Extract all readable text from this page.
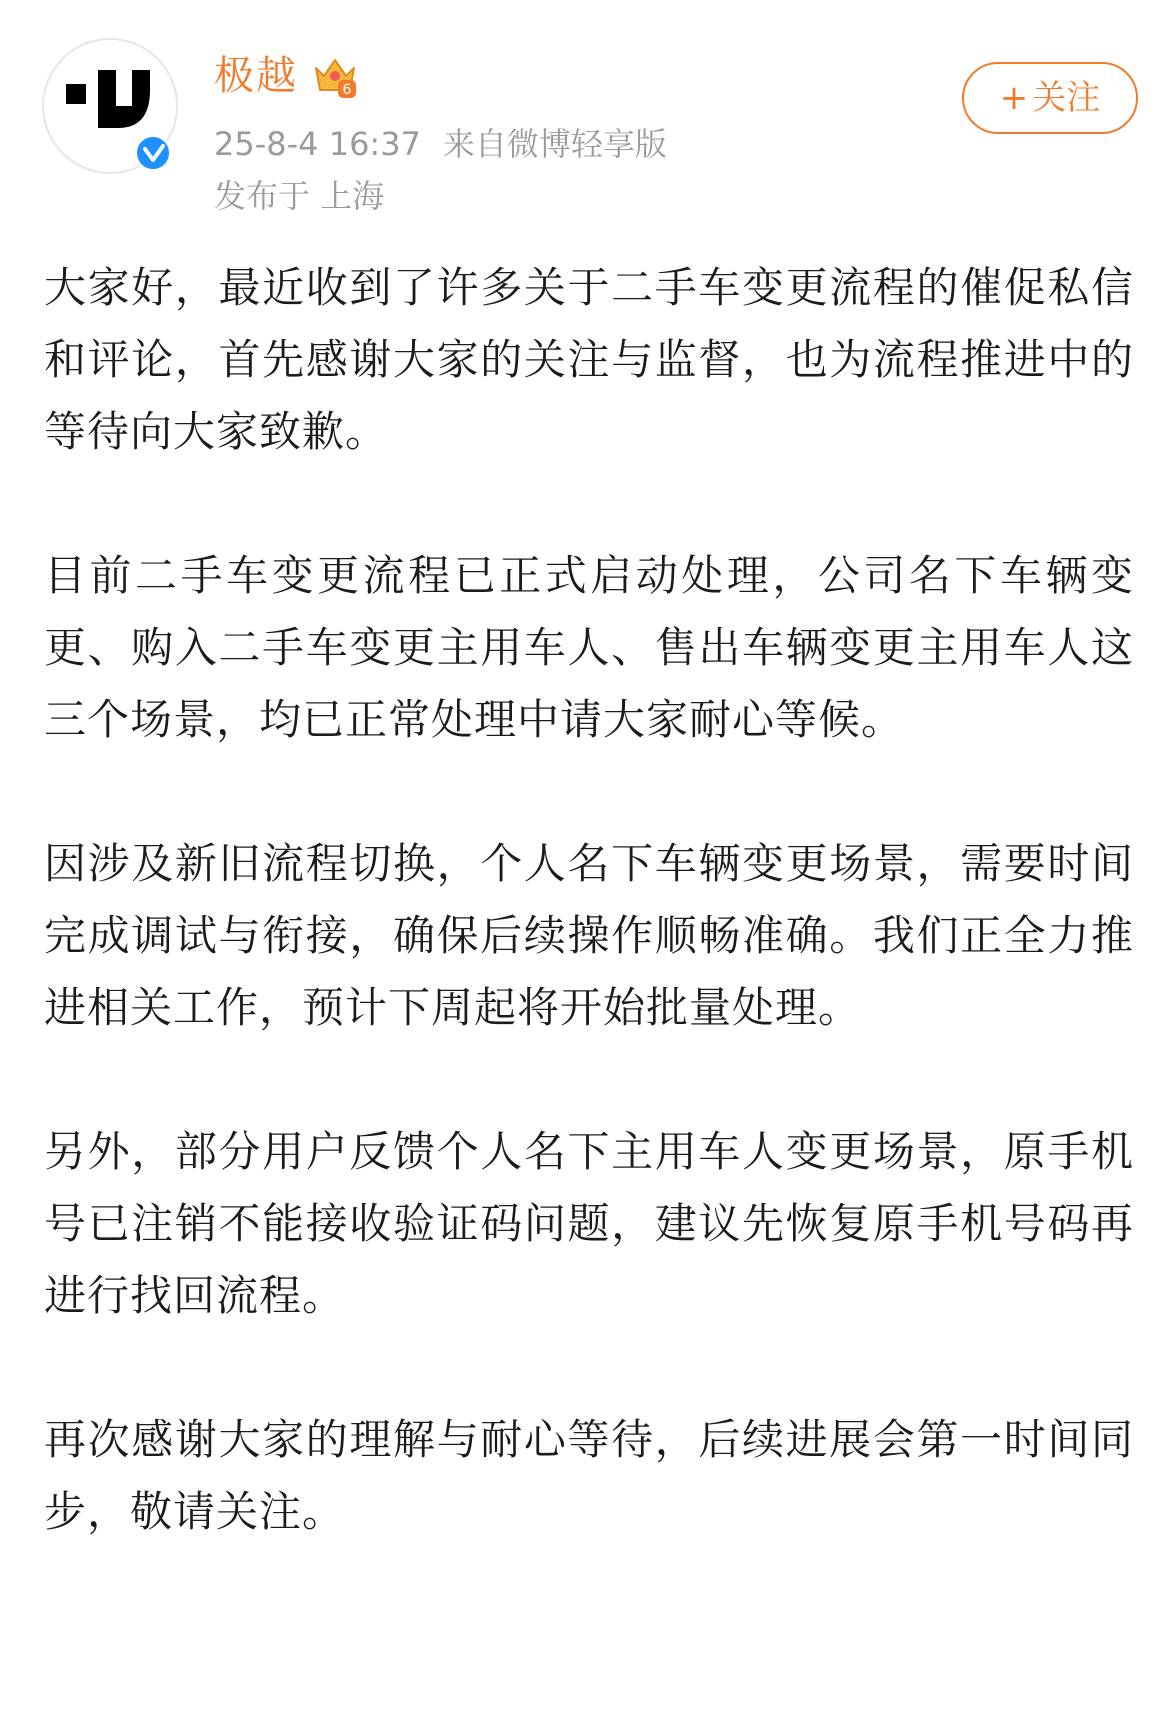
极越	6
25-8-4 16:37 来自微博轻享版
发布于 上海
+ 关注

大家好，最近收到了许多关于二手车变更流程的催促私信和评论，首先感谢大家的关注与监督，也为流程推进中的等待向大家致歉。

目前二手车变更流程已正式启动处理，公司名下车辆变更、购入二手车变更主用车人、售出车辆变更主用车人这三个场景，均已正常处理中请大家耐心等候。

因涉及新旧流程切换，个人名下车辆变更场景，需要时间完成调试与衔接，确保后续操作顺畅准确。我们正全力推进相关工作，预计下周起将开始批量处理。

另外，部分用户反馈个人名下主用车人变更场景，原手机号已注销不能接收验证码问题，建议先恢复原手机号码再进行找回流程。

再次感谢大家的理解与耐心等待，后续进展会第一时间同步，敬请关注。
